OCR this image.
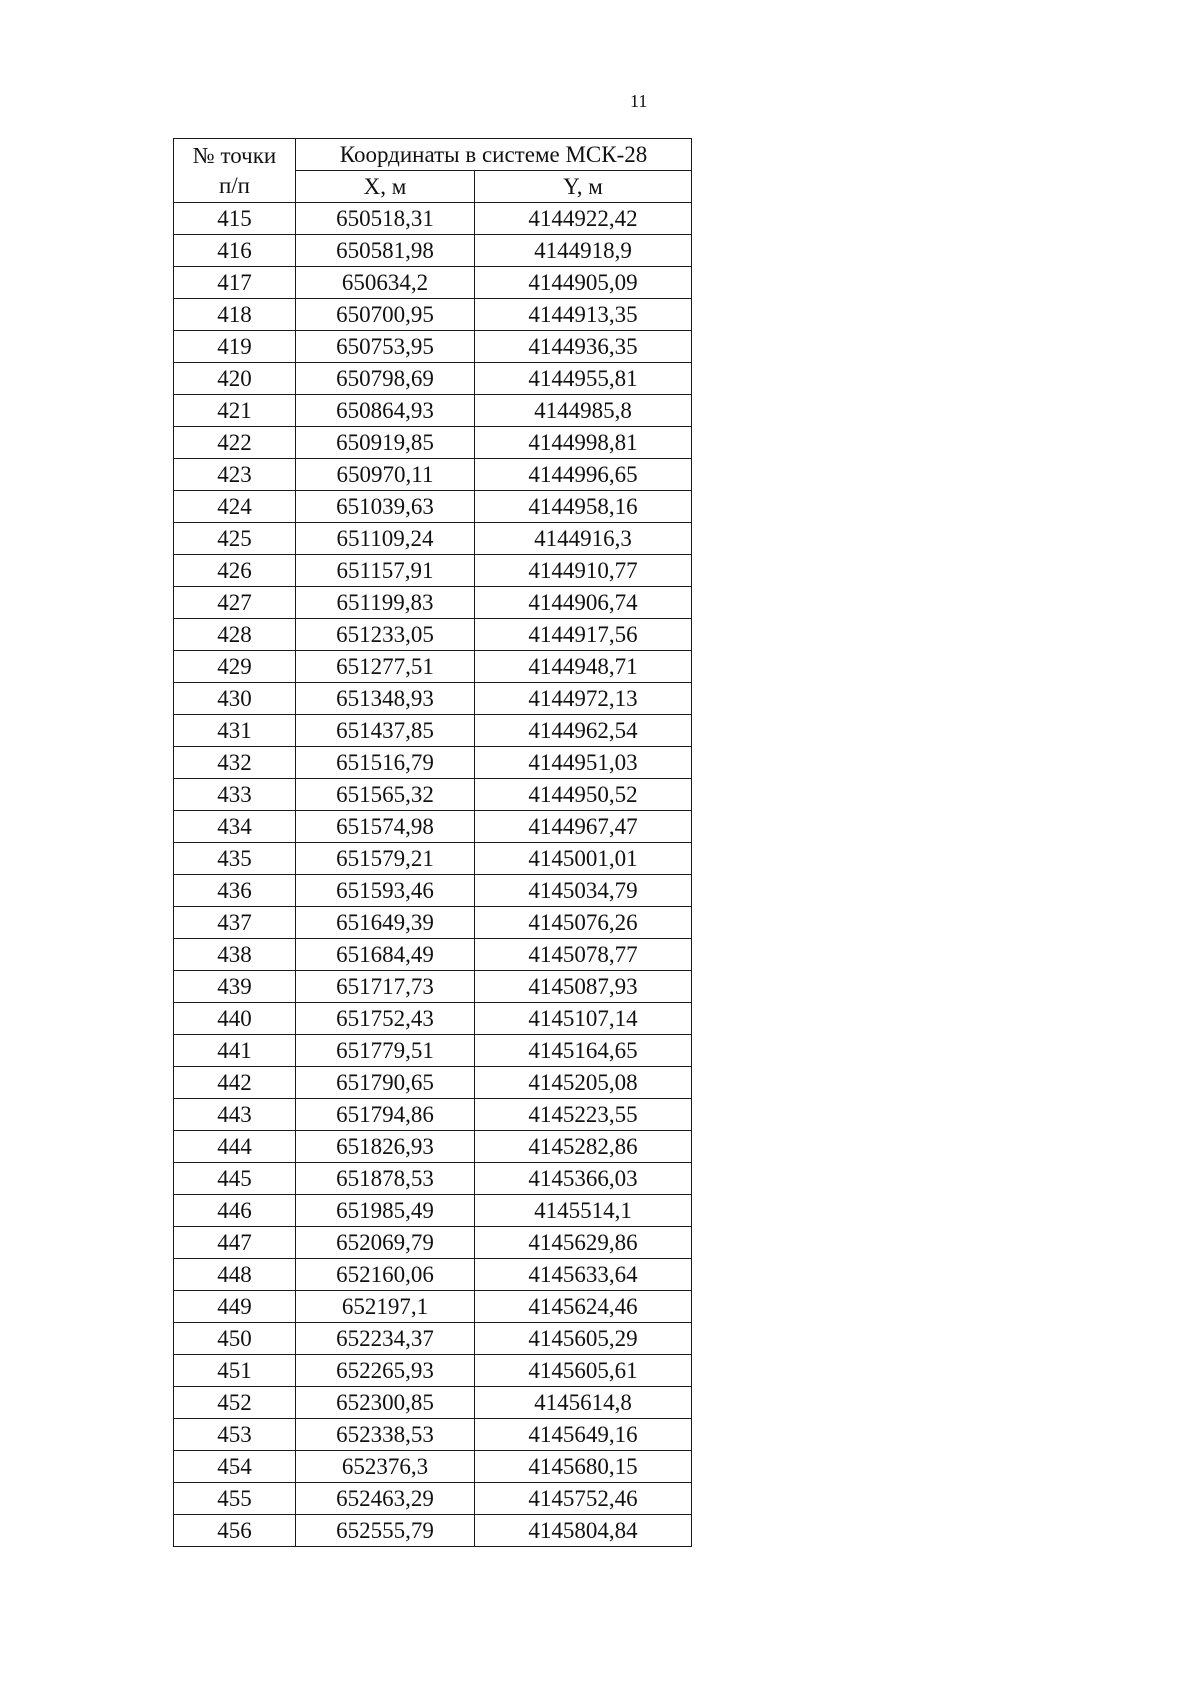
11
№ точки
п/п	Координаты в системе МСК-28	
	X, м	Y, м
415	650518,31	4144922,42
416	650581,98	4144918,9
417	650634,2	4144905,09
418	650700,95	4144913,35
419	650753,95	4144936,35
420	650798,69	4144955,81
421	650864,93	4144985,8
422	650919,85	4144998,81
423	650970,11	4144996,65
424	651039,63	4144958,16
425	651109,24	4144916,3
426	651157,91	4144910,77
427	651199,83	4144906,74
428	651233,05	4144917,56
429	651277,51	4144948,71
430	651348,93	4144972,13
431	651437,85	4144962,54
432	651516,79	4144951,03
433	651565,32	4144950,52
434	651574,98	4144967,47
435	651579,21	4145001,01
436	651593,46	4145034,79
437	651649,39	4145076,26
438	651684,49	4145078,77
439	651717,73	4145087,93
440	651752,43	4145107,14
441	651779,51	4145164,65
442	651790,65	4145205,08
443	651794,86	4145223,55
444	651826,93	4145282,86
445	651878,53	4145366,03
446	651985,49	4145514,1
447	652069,79	4145629,86
448	652160,06	4145633,64
449	652197,1	4145624,46
450	652234,37	4145605,29
451	652265,93	4145605,61
452	652300,85	4145614,8
453	652338,53	4145649,16
454	652376,3	4145680,15
455	652463,29	4145752,46
456	652555,79	4145804,84
